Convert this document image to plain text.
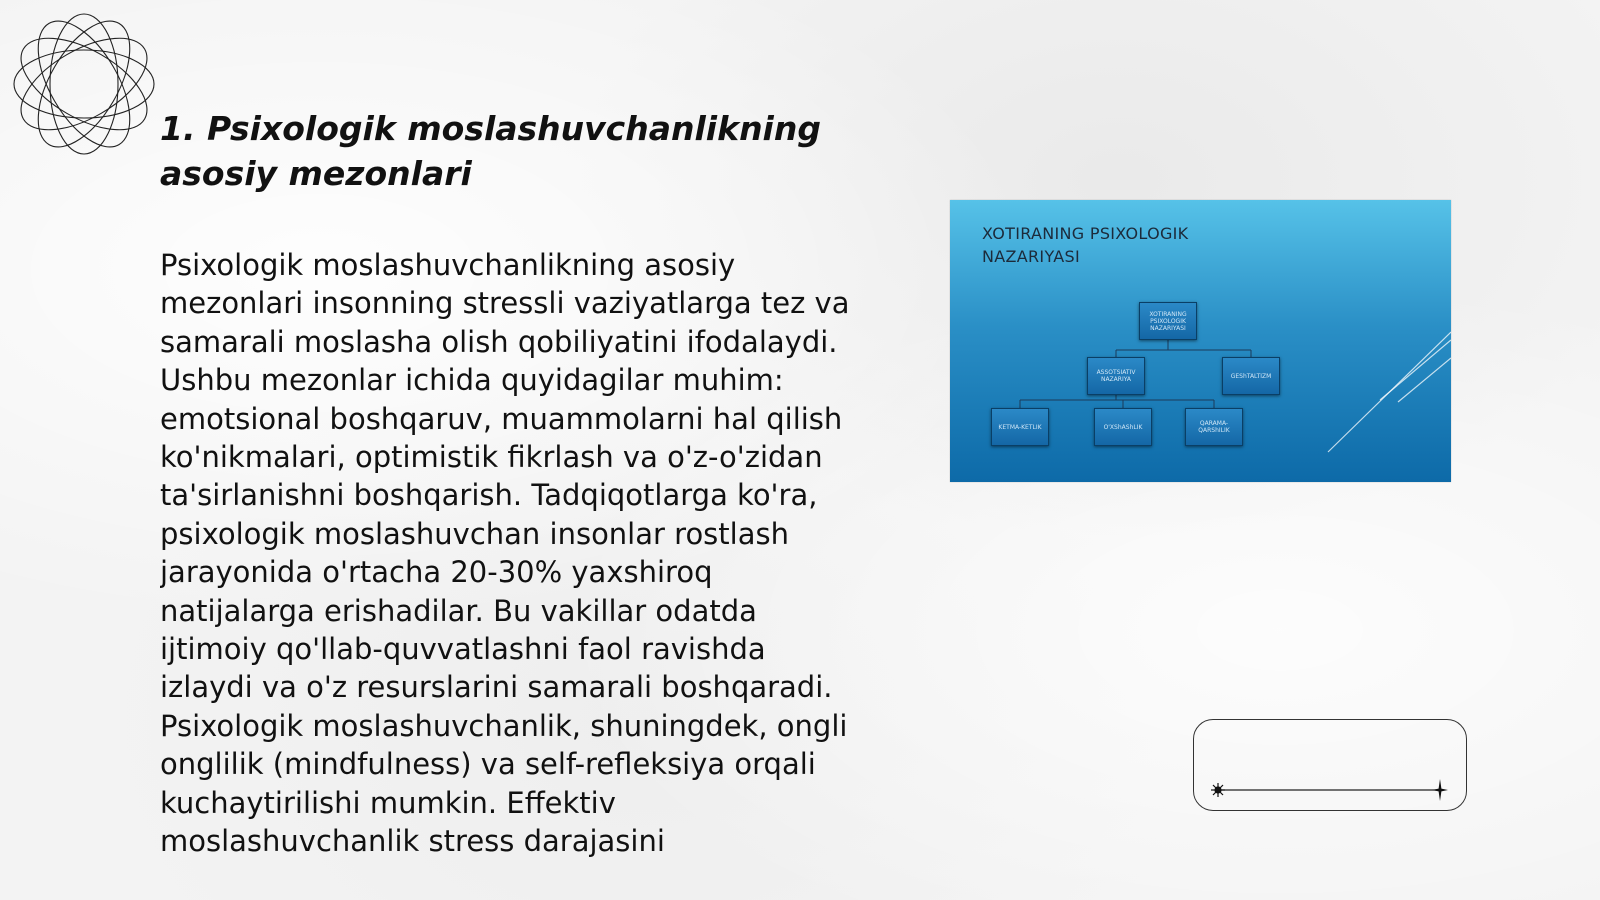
1. Psixologik moslashuvchanlikning asosiy mezonlari

Psixologik moslashuvchanlikning asosiy mezonlari insonning stressli vaziyatlarga tez va samarali moslasha olish qobiliyatini ifodalaydi. Ushbu mezonlar ichida quyidagilar muhim: emotsional boshqaruv, muammolarni hal qilish ko'nikmalari, optimistik fikrlash va o'z-o'zidan ta'sirlanishni boshqarish. Tadqiqotlarga ko'ra, psixologik moslashuvchan insonlar rostlash jarayonida o'rtacha 20-30% yaxshiroq natijalarga erishadilar. Bu vakillar odatda ijtimoiy qo'llab-quvvatlashni faol ravishda izlaydi va o'z resurslarini samarali boshqaradi. Psixologik moslashuvchanlik, shuningdek, ongli onglilik (mindfulness) va self-refleksiya orqali kuchaytirilishi mumkin. Effektiv moslashuvchanlik stress darajasini

XOTIRANING PSIXOLOGIK NAZARIYASI

XOTIRANING PSIXOLOGIK NAZARIYASI
ASSOTSIATIV NAZARIYA	GEShTALTIZM
KETMA-KETLIK	O'XShAShLIK	QARAMA-QARShILIK
